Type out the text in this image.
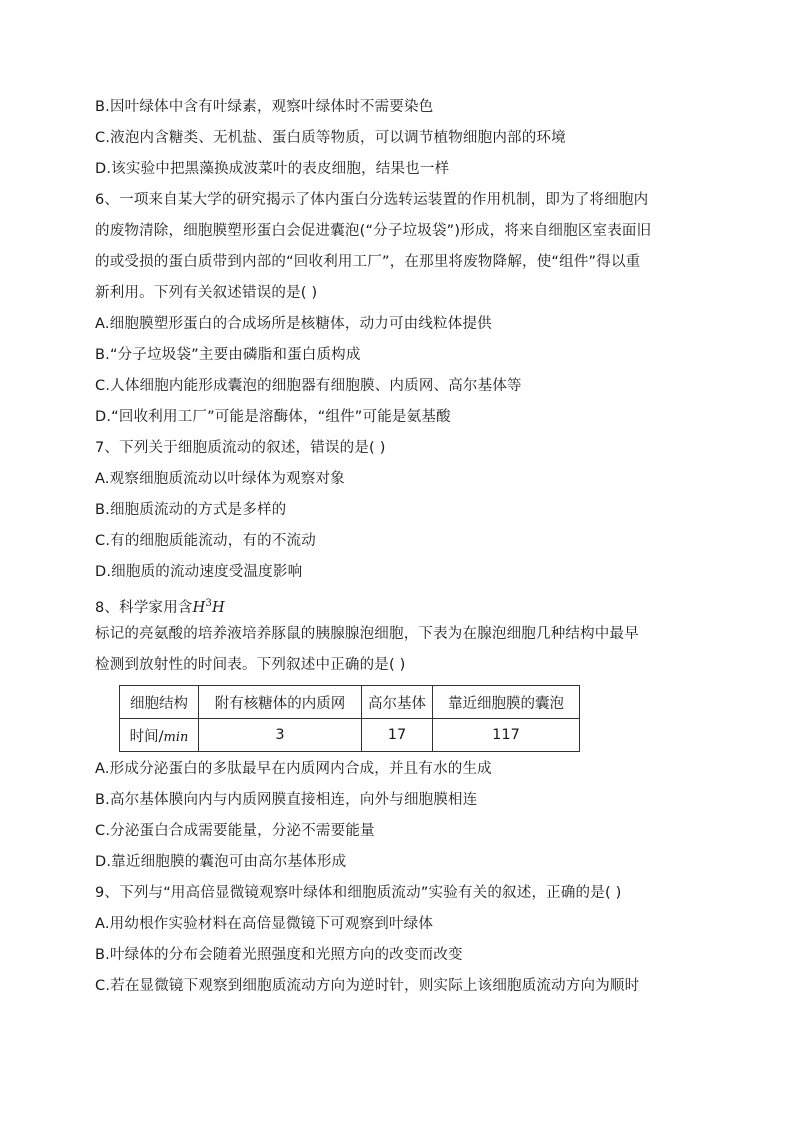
B.因叶绿体中含有叶绿素，观察叶绿体时不需要染色
C.液泡内含糖类、无机盐、蛋白质等物质，可以调节植物细胞内部的环境
D.该实验中把黑藻换成波菜叶的表皮细胞，结果也一样
6、一项来自某大学的研究揭示了体内蛋白分选转运装置的作用机制，即为了将细胞内
的废物清除，细胞膜塑形蛋白会促进囊泡(“分子垃圾袋”)形成，将来自细胞区室表面旧
的或受损的蛋白质带到内部的“回收利用工厂”，在那里将废物降解，使“组件”得以重
新利用。下列有关叙述错误的是( )
A.细胞膜塑形蛋白的合成场所是核糖体，动力可由线粒体提供
B.“分子垃圾袋”主要由磷脂和蛋白质构成
C.人体细胞内能形成囊泡的细胞器有细胞膜、内质网、高尔基体等
D.“回收利用工厂”可能是溶酶体，“组件”可能是氨基酸
7、下列关于细胞质流动的叙述，错误的是( )
A.观察细胞质流动以叶绿体为观察对象
B.细胞质流动的方式是多样的
C.有的细胞质能流动，有的不流动
D.细胞质的流动速度受温度影响
8、科学家用含$H^3H$
标记的亮氨酸的培养液培养豚鼠的胰腺腺泡细胞，下表为在腺泡细胞几种结构中最早
检测到放射性的时间表。下列叙述中正确的是( )
细胞结构	附有核糖体的内质网	高尔基体	靠近细胞膜的囊泡
时间/min	3	17	117
A.形成分泌蛋白的多肽最早在内质网内合成，并且有水的生成
B.高尔基体膜向内与内质网膜直接相连，向外与细胞膜相连
C.分泌蛋白合成需要能量，分泌不需要能量
D.靠近细胞膜的囊泡可由高尔基体形成
9、下列与“用高倍显微镜观察叶绿体和细胞质流动”实验有关的叙述，正确的是( )
A.用幼根作实验材料在高倍显微镜下可观察到叶绿体
B.叶绿体的分布会随着光照强度和光照方向的改变而改变
C.若在显微镜下观察到细胞质流动方向为逆时针，则实际上该细胞质流动方向为顺时
